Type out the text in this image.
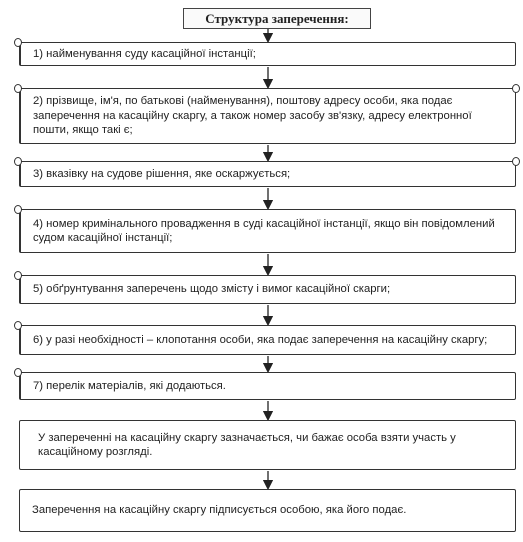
Структура заперечення:
1) найменування суду касаційної інстанції;
2) прізвище, ім'я, по батькові (найменування), поштову адресу особи, яка подає заперечення на касаційну скаргу, а також номер засобу зв'язку, адресу електронної пошти, якщо такі є;
3) вказівку на судове рішення, яке оскаржується;
4) номер кримінального провадження в суді касаційної інстанції, якщо він повідомлений судом касаційної інстанції;
5) обґрунтування заперечень щодо змісту і вимог касаційної скарги;
6) у разі необхідності – клопотання особи, яка подає заперечення на касаційну скаргу;
7) перелік матеріалів, які додаються.
У запереченні на касаційну скаргу зазначається, чи бажає особа взяти участь у касаційному розгляді.
Заперечення на касаційну скаргу підписується особою, яка його подає.
